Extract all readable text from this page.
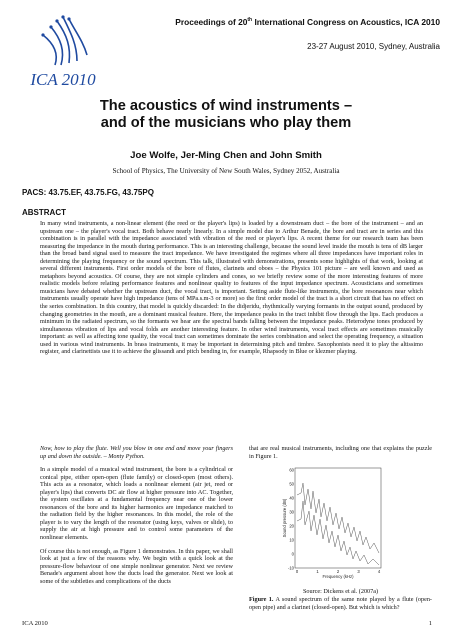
ICA 2010
Proceedings of 20th International Congress on Acoustics, ICA 2010
23-27 August 2010, Sydney, Australia
The acoustics of wind instruments –
and of the musicians who play them
Joe Wolfe, Jer-Ming Chen and John Smith
School of Physics, The University of New South Wales, Sydney 2052, Australia
PACS: 43.75.EF, 43.75.FG, 43.75PQ
ABSTRACT
In many wind instruments, a non-linear element (the reed or the player's lips) is loaded by a downstream duct – the bore of the instrument – and an upstream one – the player's vocal tract. Both behave nearly linearly. In a simple model due to Arthur Benade, the bore and tract are in series and this combination is in parallel with the impedance associated with vibration of the reed or player's lips. A recent theme for our research team has been measuring the impedance in the mouth during performance. This is an interesting challenge, because the sound level inside the mouth is tens of dB larger than the broad band signal used to measure the tract impedance. We have investigated the regimes where all three impedances have important roles in determining the playing frequency or the sound spectrum. This talk, illustrated with demonstrations, presents some highlights of that work, looking at several different instruments. First order models of the bore of flutes, clarinets and oboes – the Physics 101 picture – are well known and used as metaphors beyond acoustics. Of course, they are not simple cylinders and cones, so we briefly review some of the more interesting features of more realistic models before relating performance features and nonlinear quality to features of the input impedance spectrum. Acousticians and sometimes musicians have debated whether the upstream duct, the vocal tract, is important. Setting aside flute-like instruments, the bore resonances near which instruments usually operate have high impedance (tens of MPa.s.m-3 or more) so the first order model of the tract is a short circuit that has no effect on the series combination. In this country, that model is quickly discarded: In the didjeridu, rhythmically varying formants in the output sound, produced by changing geometries in the mouth, are a dominant musical feature. Here, the impedance peaks in the tract inhibit flow through the lips. Each produces a minimum in the radiated spectrum, so the formants we hear are the spectral bands falling between the impedance peaks. Heterodyne tones produced by simultaneous vibration of lips and vocal folds are another interesting feature. In other wind instruments, vocal tract effects are sometimes musically important: as well as affecting tone quality, the vocal tract can sometimes dominate the series combination and select the operating frequency, a situation used in various wind instruments. In brass instruments, it may be important in determining pitch and timbre. Saxophonists need it to play the altissimo register, and clarinettists use it to achieve the glissandi and pitch bending in, for example, Rhapsody in Blue or klezmer playing.

Now, how to play the flute. Well you blow in one end and move your fingers up and down the outside. – Monty Python.

In a simple model of a musical wind instrument, the bore is a cylindrical or conical pipe, either open-open (flute family) or closed-open (most others). This acts as a resonator, which loads a nonlinear element (air jet, reed or player's lips) that converts DC air flow at higher pressure into AC. Together, the system oscillates at a fundamental frequency near one of the lower resonances of the bore and its higher harmonics are impedance matched to the radiation field by the higher resonances. In this model, the role of the player is to vary the length of the resonator (using keys, valves or slide), to supply the air at high pressure and to control some parameters of the nonlinear elements.

Of course this is not enough, as Figure 1 demonstrates. In this paper, we shall look at just a few of the reasons why. We begin with a quick look at the pressure-flow behaviour of one simple nonlinear generator. Next we review Benade's argument about how the ducts load the generator. Next we look at some of the subtleties and complications of the ducts

that are real musical instruments, including one that explains the puzzle in Figure 1.

60
50
40
30
20
10
0
-10
0	1	2	3	4
Sound pressure (dB)
Frequency (kHz)
Source: Dickens et al. (2007a)
Figure 1. A sound spectrum of the same note played by a flute (open-open pipe) and a clarinet (closed-open). But which is which?
ICA 2010	1
